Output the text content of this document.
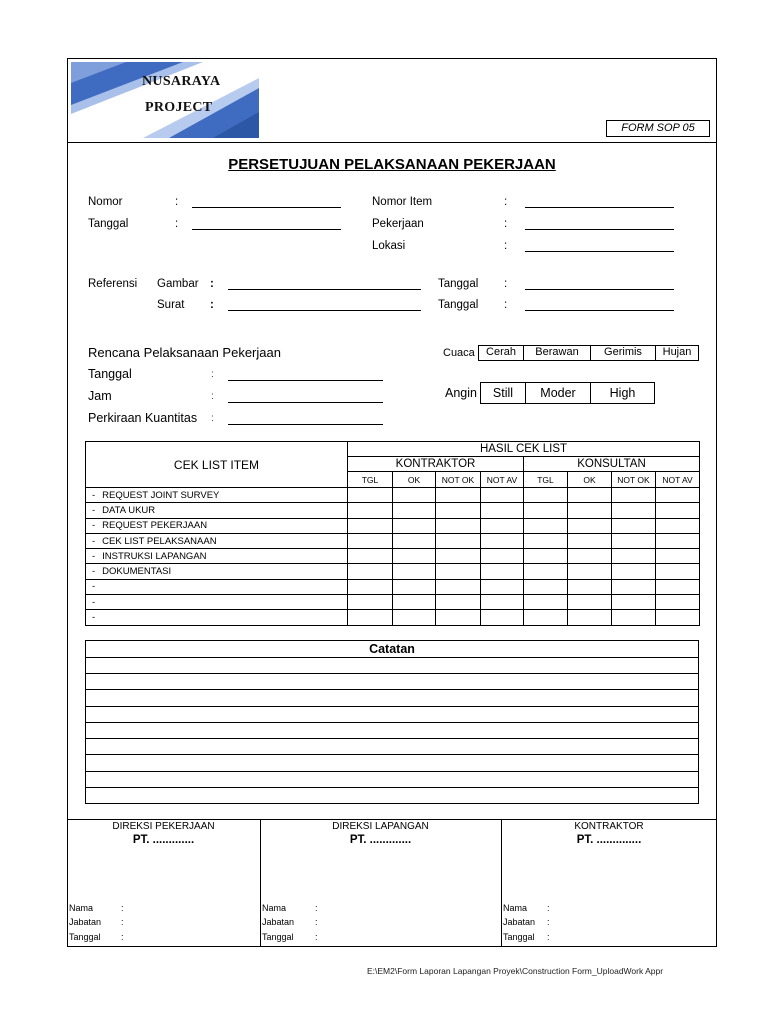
NUSARAYA
PROJECT
FORM SOP 05
PERSETUJUAN PELAKSANAAN PEKERJAAN
Nomor	:
Tanggal	:
Nomor Item	:
Pekerjaan	:
Lokasi	:
Referensi Gambar :	Tanggal :
Surat :	Tanggal :
Rencana Pelaksanaan Pekerjaan
Tanggal	:
Jam	:
Perkiraan Kuantitas :
Cuaca	Cerah	Berawan	Gerimis	Hujan
Angin	Still	Moder	High
CEK LIST ITEM	HASIL CEK LIST							
	KONTRAKTOR				KONSULTAN			
	TGL	OK	NOT OK	NOT AV	TGL	OK	NOT OK	NOT AV
- REQUEST JOINT SURVEY								
- DATA UKUR								
- REQUEST PEKERJAAN								
- CEK LIST PELAKSANAAN								
- INSTRUKSI LAPANGAN								
- DOKUMENTASI								
-								
-								
-								
Catatan
DIREKSI PEKERJAAN
PT. .............
Nama	:
Jabatan :
Tanggal :
DIREKSI LAPANGAN
PT. .............
Nama	:
Jabatan :
Tanggal :
KONTRAKTOR
PT. ..............
Nama :
Jabatan :
Tanggal :
E:\EM2\Form Laporan Lapangan Proyek\Construction Form_UploadWork Appr
